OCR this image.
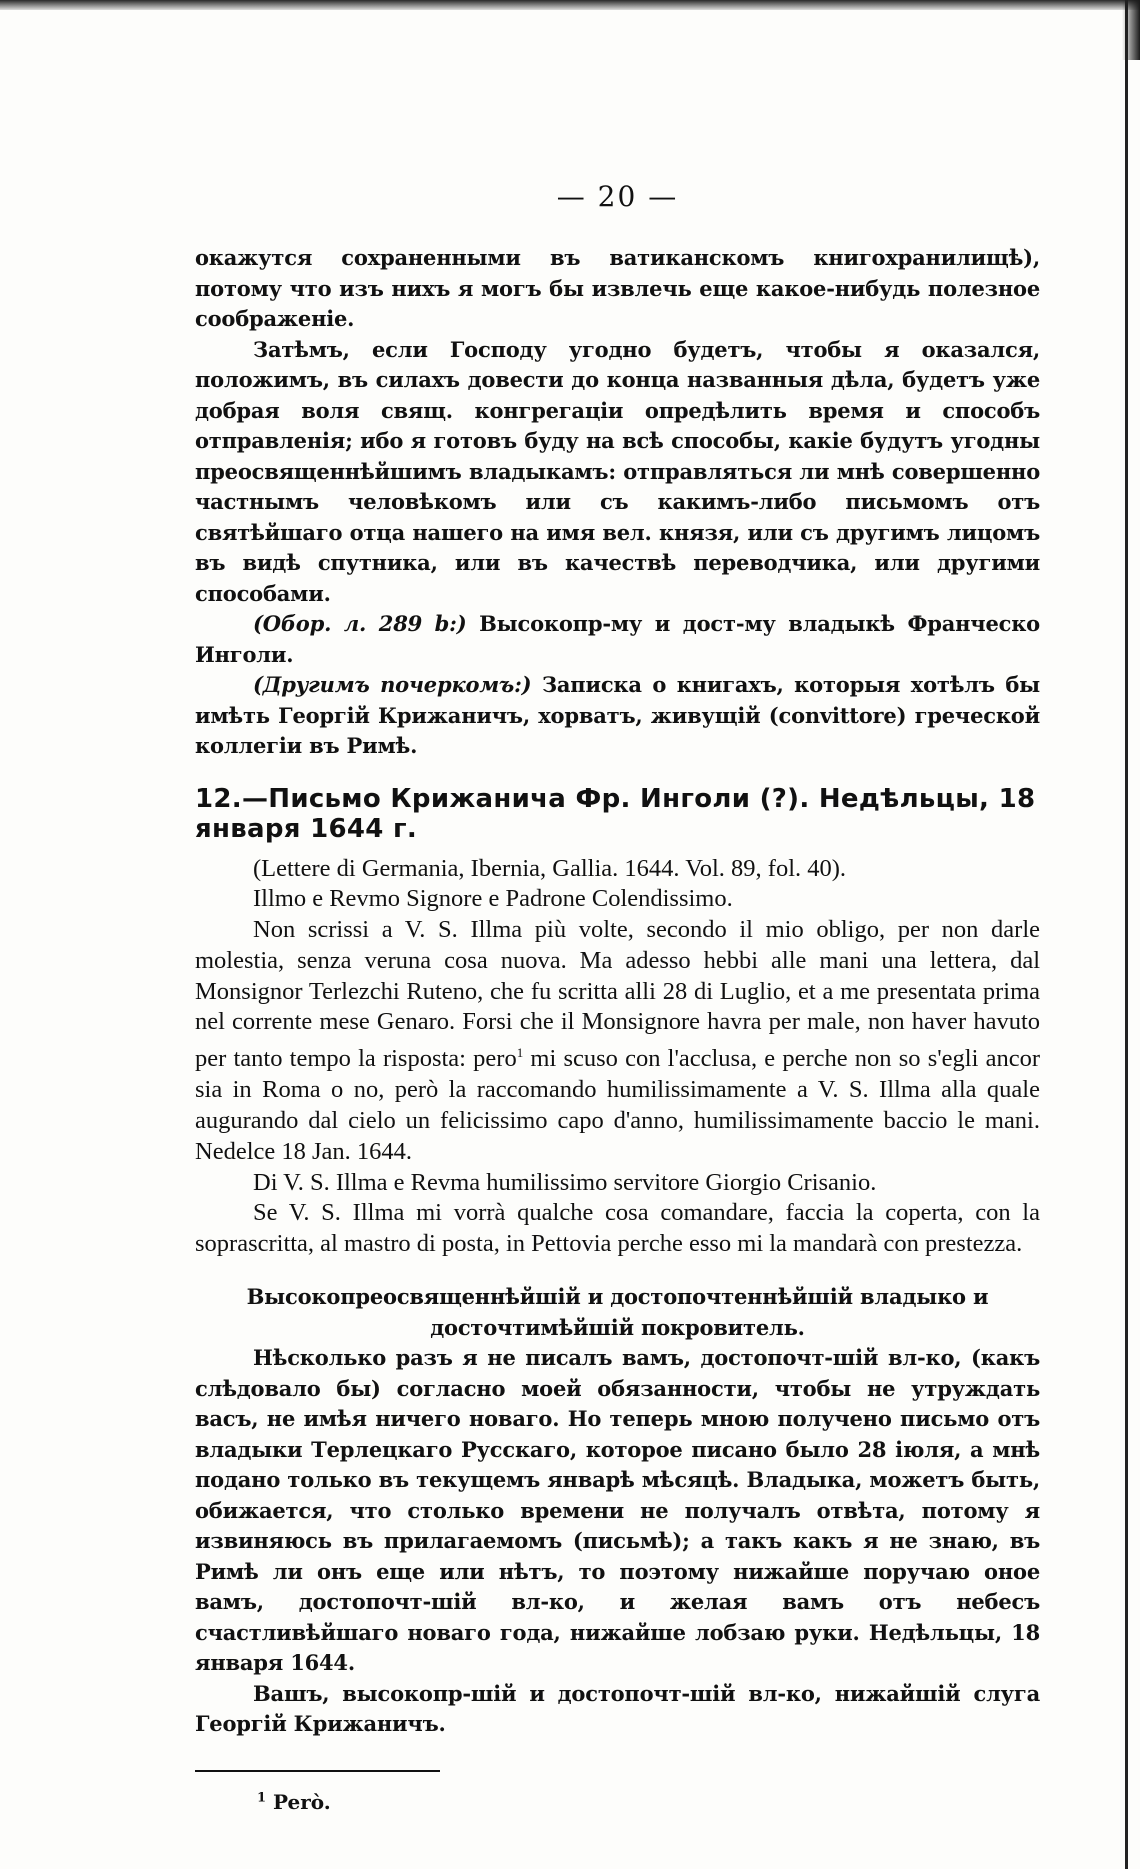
— 20 —

окажутся сохраненными въ ватиканскомъ книгохранилищѣ), потому что изъ нихъ я могъ бы извлечь еще какое-нибудь полезное соображеніе.

Затѣмъ, если Господу угодно будетъ, чтобы я оказался, положимъ, въ силахъ довести до конца названныя дѣла, будетъ уже добрая воля свящ. конгрегаціи опредѣлить время и способъ отправленія; ибо я готовъ буду на всѣ способы, какіе будутъ угодны преосвященнѣйшимъ владыкамъ: отправляться ли мнѣ совершенно частнымъ человѣкомъ или съ какимъ-либо письмомъ отъ святѣйшаго отца нашего на имя вел. князя, или съ другимъ лицомъ въ видѣ спутника, или въ качествѣ переводчика, или другими способами.

(Обор. л. 289 b:) Высокопр-му и дост-му владыкѣ Франческо Инголи.

(Другимъ почеркомъ:) Записка о книгахъ, которыя хотѣлъ бы имѣть Георгій Крижаничъ, хорватъ, живущій (convittore) греческой коллегіи въ Римѣ.

12.—Письмо Крижанича Фр. Инголи (?). Недѣльцы, 18 января 1644 г.

(Lettere di Germania, Ibernia, Gallia. 1644. Vol. 89, fol. 40).

Illmo e Revmo Signore e Padrone Colendissimo.

Non scrissi a V. S. Illma più volte, secondo il mio obligo, per non darle molestia, senza veruna cosa nuova. Ma adesso hebbi alle mani una lettera, dal Monsignor Terlezchi Ruteno, che fu scritta alli 28 di Luglio, et a me presentata prima nel corrente mese Genaro. Forsi che il Monsignore havra per male, non haver havuto per tanto tempo la risposta: pero$^1$ mi scuso con l'acclusa, e perche non so s'egli ancor sia in Roma o no, però la raccomando humilissimamente a V. S. Illma alla quale augurando dal cielo un felicissimo capo d'anno, humilissimamente baccio le mani. Nedelce 18 Jan. 1644.

Di V. S. Illma e Revma humilissimo servitore Giorgio Crisanio.

Se V. S. Illma mi vorrà qualche cosa comandare, faccia la coperta, con la soprascritta, al mastro di posta, in Pettovia perche esso mi la mandarà con prestezza.

Высокопреосвященнѣйшій и достопочтеннѣйшій владыко и досточтимѣйшій покровитель.

Нѣсколько разъ я не писалъ вамъ, достопочт-шій вл-ко, (какъ слѣдовало бы) согласно моей обязанности, чтобы не утруждать васъ, не имѣя ничего новаго. Но теперь мною получено письмо отъ владыки Терлецкаго Русскаго, которое писано было 28 іюля, а мнѣ подано только въ текущемъ январѣ мѣсяцѣ. Владыка, можетъ быть, обижается, что столько времени не получалъ отвѣта, потому я извиняюсь въ прилагаемомъ (письмѣ); а такъ какъ я не знаю, въ Римѣ ли онъ еще или нѣтъ, то поэтому нижайше поручаю оное вамъ, достопочт-шій вл-ко, и желая вамъ отъ небесъ счастливѣйшаго новаго года, нижайше лобзаю руки. Недѣльцы, 18 января 1644.

Вашъ, высокопр-шій и достопочт-шій вл-ко, нижайшій слуга Георгій Крижаничъ.

$^1$ Però.
